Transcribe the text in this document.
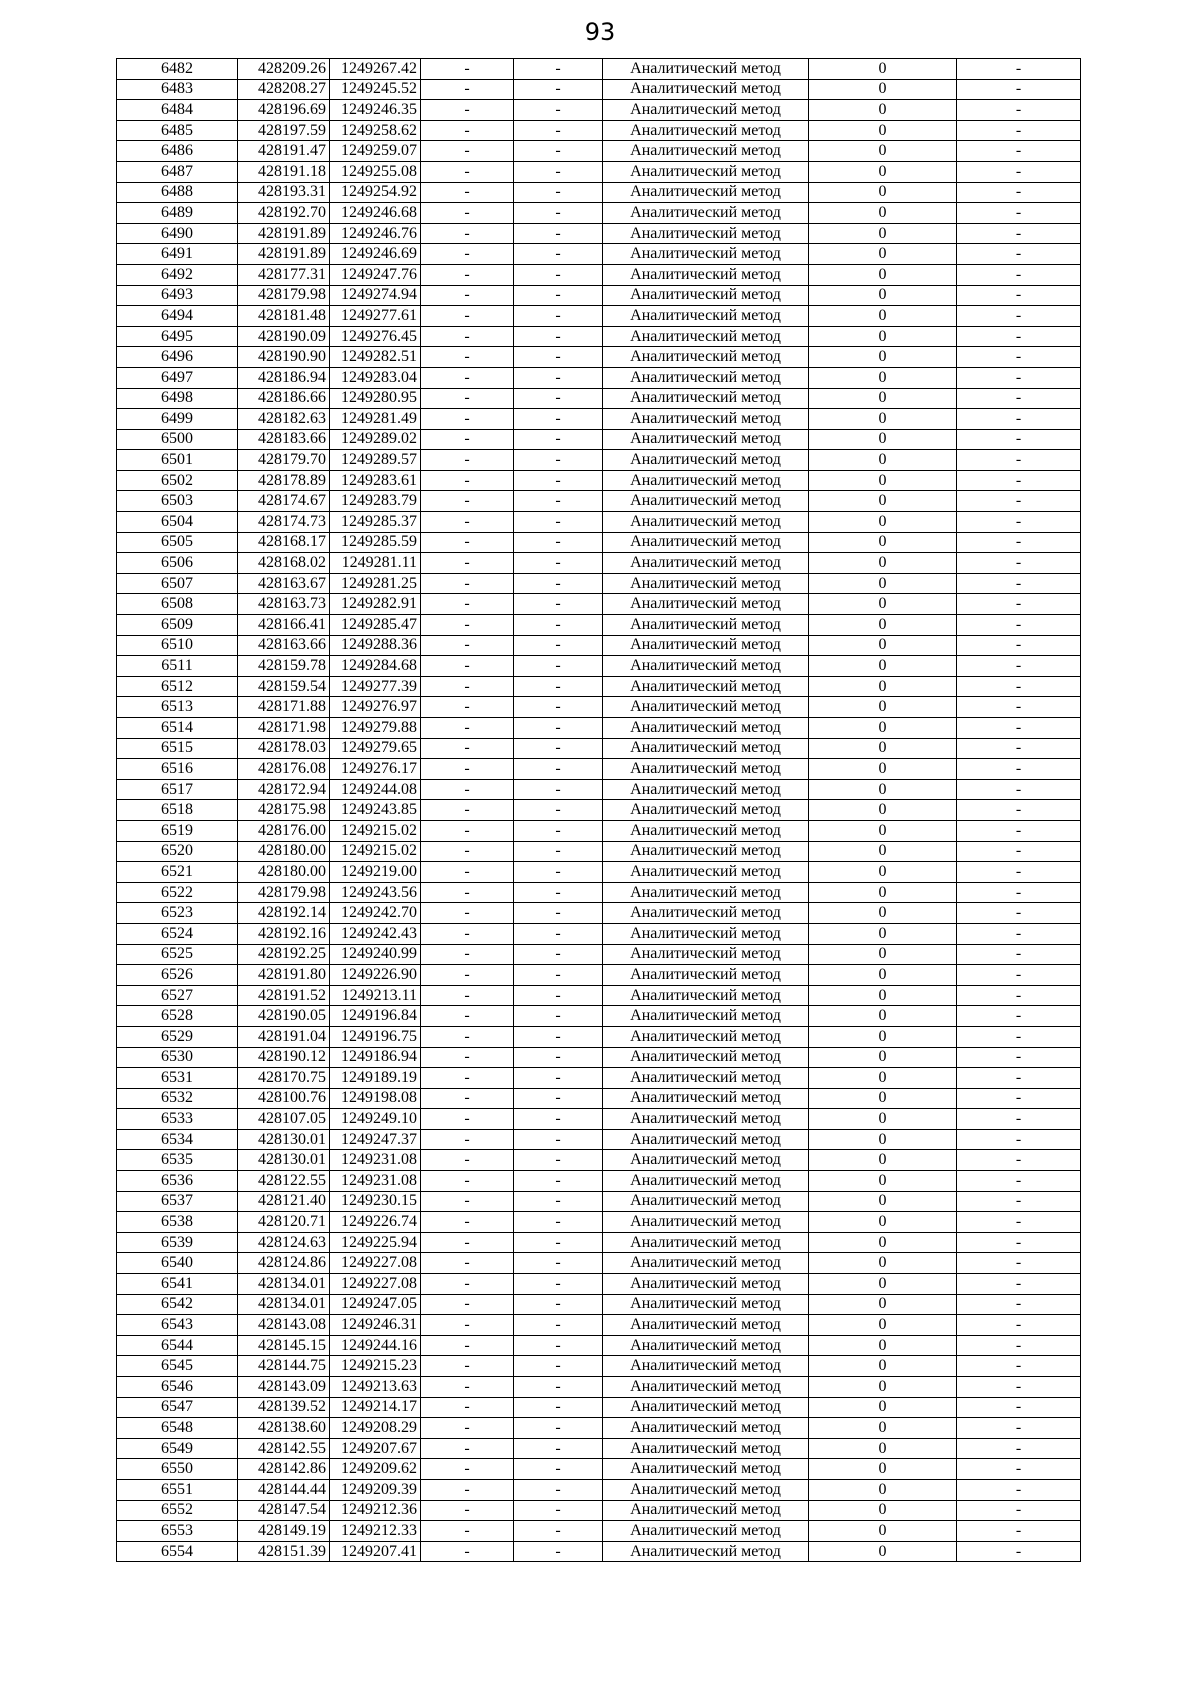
93
6482	428209.26	1249267.42	-	-	Аналитический метод	0	-
6483	428208.27	1249245.52	-	-	Аналитический метод	0	-
6484	428196.69	1249246.35	-	-	Аналитический метод	0	-
6485	428197.59	1249258.62	-	-	Аналитический метод	0	-
6486	428191.47	1249259.07	-	-	Аналитический метод	0	-
6487	428191.18	1249255.08	-	-	Аналитический метод	0	-
6488	428193.31	1249254.92	-	-	Аналитический метод	0	-
6489	428192.70	1249246.68	-	-	Аналитический метод	0	-
6490	428191.89	1249246.76	-	-	Аналитический метод	0	-
6491	428191.89	1249246.69	-	-	Аналитический метод	0	-
6492	428177.31	1249247.76	-	-	Аналитический метод	0	-
6493	428179.98	1249274.94	-	-	Аналитический метод	0	-
6494	428181.48	1249277.61	-	-	Аналитический метод	0	-
6495	428190.09	1249276.45	-	-	Аналитический метод	0	-
6496	428190.90	1249282.51	-	-	Аналитический метод	0	-
6497	428186.94	1249283.04	-	-	Аналитический метод	0	-
6498	428186.66	1249280.95	-	-	Аналитический метод	0	-
6499	428182.63	1249281.49	-	-	Аналитический метод	0	-
6500	428183.66	1249289.02	-	-	Аналитический метод	0	-
6501	428179.70	1249289.57	-	-	Аналитический метод	0	-
6502	428178.89	1249283.61	-	-	Аналитический метод	0	-
6503	428174.67	1249283.79	-	-	Аналитический метод	0	-
6504	428174.73	1249285.37	-	-	Аналитический метод	0	-
6505	428168.17	1249285.59	-	-	Аналитический метод	0	-
6506	428168.02	1249281.11	-	-	Аналитический метод	0	-
6507	428163.67	1249281.25	-	-	Аналитический метод	0	-
6508	428163.73	1249282.91	-	-	Аналитический метод	0	-
6509	428166.41	1249285.47	-	-	Аналитический метод	0	-
6510	428163.66	1249288.36	-	-	Аналитический метод	0	-
6511	428159.78	1249284.68	-	-	Аналитический метод	0	-
6512	428159.54	1249277.39	-	-	Аналитический метод	0	-
6513	428171.88	1249276.97	-	-	Аналитический метод	0	-
6514	428171.98	1249279.88	-	-	Аналитический метод	0	-
6515	428178.03	1249279.65	-	-	Аналитический метод	0	-
6516	428176.08	1249276.17	-	-	Аналитический метод	0	-
6517	428172.94	1249244.08	-	-	Аналитический метод	0	-
6518	428175.98	1249243.85	-	-	Аналитический метод	0	-
6519	428176.00	1249215.02	-	-	Аналитический метод	0	-
6520	428180.00	1249215.02	-	-	Аналитический метод	0	-
6521	428180.00	1249219.00	-	-	Аналитический метод	0	-
6522	428179.98	1249243.56	-	-	Аналитический метод	0	-
6523	428192.14	1249242.70	-	-	Аналитический метод	0	-
6524	428192.16	1249242.43	-	-	Аналитический метод	0	-
6525	428192.25	1249240.99	-	-	Аналитический метод	0	-
6526	428191.80	1249226.90	-	-	Аналитический метод	0	-
6527	428191.52	1249213.11	-	-	Аналитический метод	0	-
6528	428190.05	1249196.84	-	-	Аналитический метод	0	-
6529	428191.04	1249196.75	-	-	Аналитический метод	0	-
6530	428190.12	1249186.94	-	-	Аналитический метод	0	-
6531	428170.75	1249189.19	-	-	Аналитический метод	0	-
6532	428100.76	1249198.08	-	-	Аналитический метод	0	-
6533	428107.05	1249249.10	-	-	Аналитический метод	0	-
6534	428130.01	1249247.37	-	-	Аналитический метод	0	-
6535	428130.01	1249231.08	-	-	Аналитический метод	0	-
6536	428122.55	1249231.08	-	-	Аналитический метод	0	-
6537	428121.40	1249230.15	-	-	Аналитический метод	0	-
6538	428120.71	1249226.74	-	-	Аналитический метод	0	-
6539	428124.63	1249225.94	-	-	Аналитический метод	0	-
6540	428124.86	1249227.08	-	-	Аналитический метод	0	-
6541	428134.01	1249227.08	-	-	Аналитический метод	0	-
6542	428134.01	1249247.05	-	-	Аналитический метод	0	-
6543	428143.08	1249246.31	-	-	Аналитический метод	0	-
6544	428145.15	1249244.16	-	-	Аналитический метод	0	-
6545	428144.75	1249215.23	-	-	Аналитический метод	0	-
6546	428143.09	1249213.63	-	-	Аналитический метод	0	-
6547	428139.52	1249214.17	-	-	Аналитический метод	0	-
6548	428138.60	1249208.29	-	-	Аналитический метод	0	-
6549	428142.55	1249207.67	-	-	Аналитический метод	0	-
6550	428142.86	1249209.62	-	-	Аналитический метод	0	-
6551	428144.44	1249209.39	-	-	Аналитический метод	0	-
6552	428147.54	1249212.36	-	-	Аналитический метод	0	-
6553	428149.19	1249212.33	-	-	Аналитический метод	0	-
6554	428151.39	1249207.41	-	-	Аналитический метод	0	-
